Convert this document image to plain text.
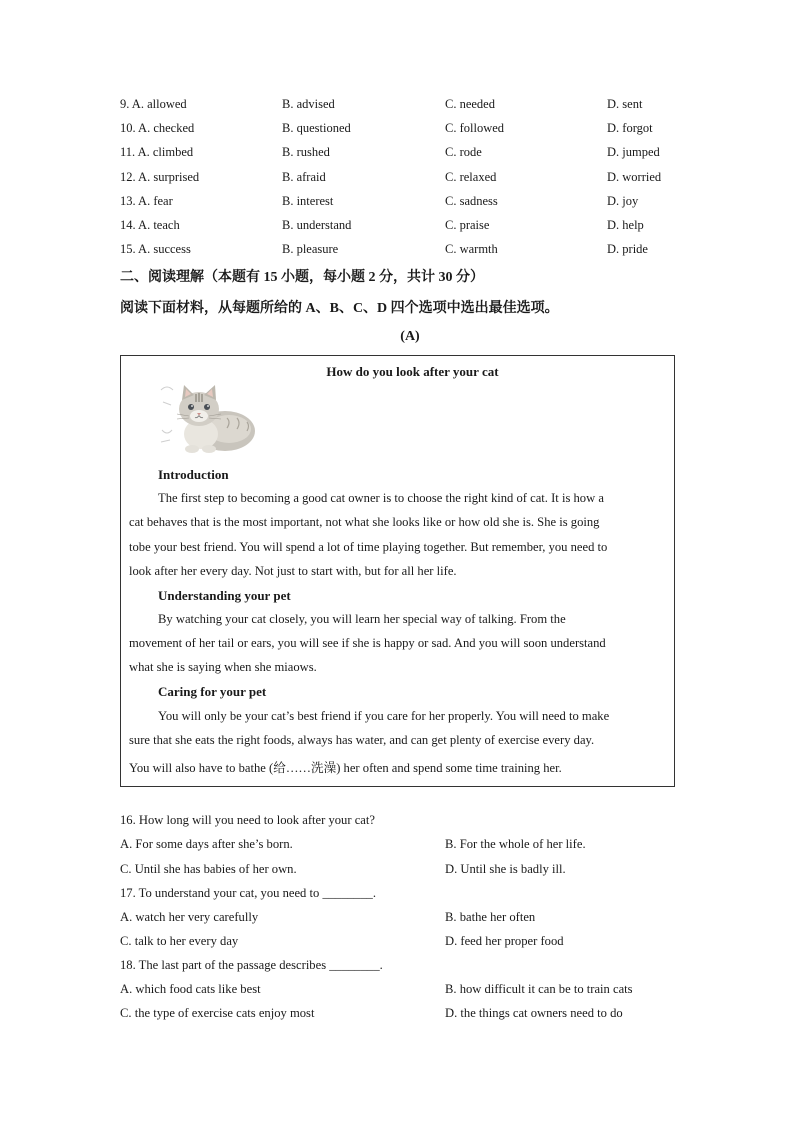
9. A. allowed	B. advised	C. needed	D. sent
10. A. checked	B. questioned	C. followed	D. forgot
11. A. climbed	B. rushed	C. rode	D. jumped
12. A. surprised	B. afraid	C. relaxed	D. worried
13. A. fear	B. interest	C. sadness	D. joy
14. A. teach	B. understand	C. praise	D. help
15. A. success	B. pleasure	C. warmth	D. pride
二、阅读理解（本题有 15 小题，每小题 2 分，共计 30 分）
阅读下面材料，从每题所给的 A、B、C、D 四个选项中选出最佳选项。
(A)
How do you look after your cat
Introduction
The first step to becoming a good cat owner is to choose the right kind of cat. It is how a
cat behaves that is the most important, not what she looks like or how old she is. She is going
tobe your best friend. You will spend a lot of time playing together. But remember, you need to
look after her every day. Not just to start with, but for all her life.
Understanding your pet
By watching your cat closely, you will learn her special way of talking. From the
movement of her tail or ears, you will see if she is happy or sad. And you will soon understand
what she is saying when she miaows.
Caring for your pet
You will only be your cat’s best friend if you care for her properly. You will need to make
sure that she eats the right foods, always has water, and can get plenty of exercise every day.
You will also have to bathe (给……洗澡) her often and spend some time training her.
16. How long will you need to look after your cat?
A. For some days after she’s born.	B. For the whole of her life.
C. Until she has babies of her own.	D. Until she is badly ill.
17. To understand your cat, you need to ________.
A. watch her very carefully	B. bathe her often
C. talk to her every day	D. feed her proper food
18. The last part of the passage describes ________.
A. which food cats like best	B. how difficult it can be to train cats
C. the type of exercise cats enjoy most	D. the things cat owners need to do
